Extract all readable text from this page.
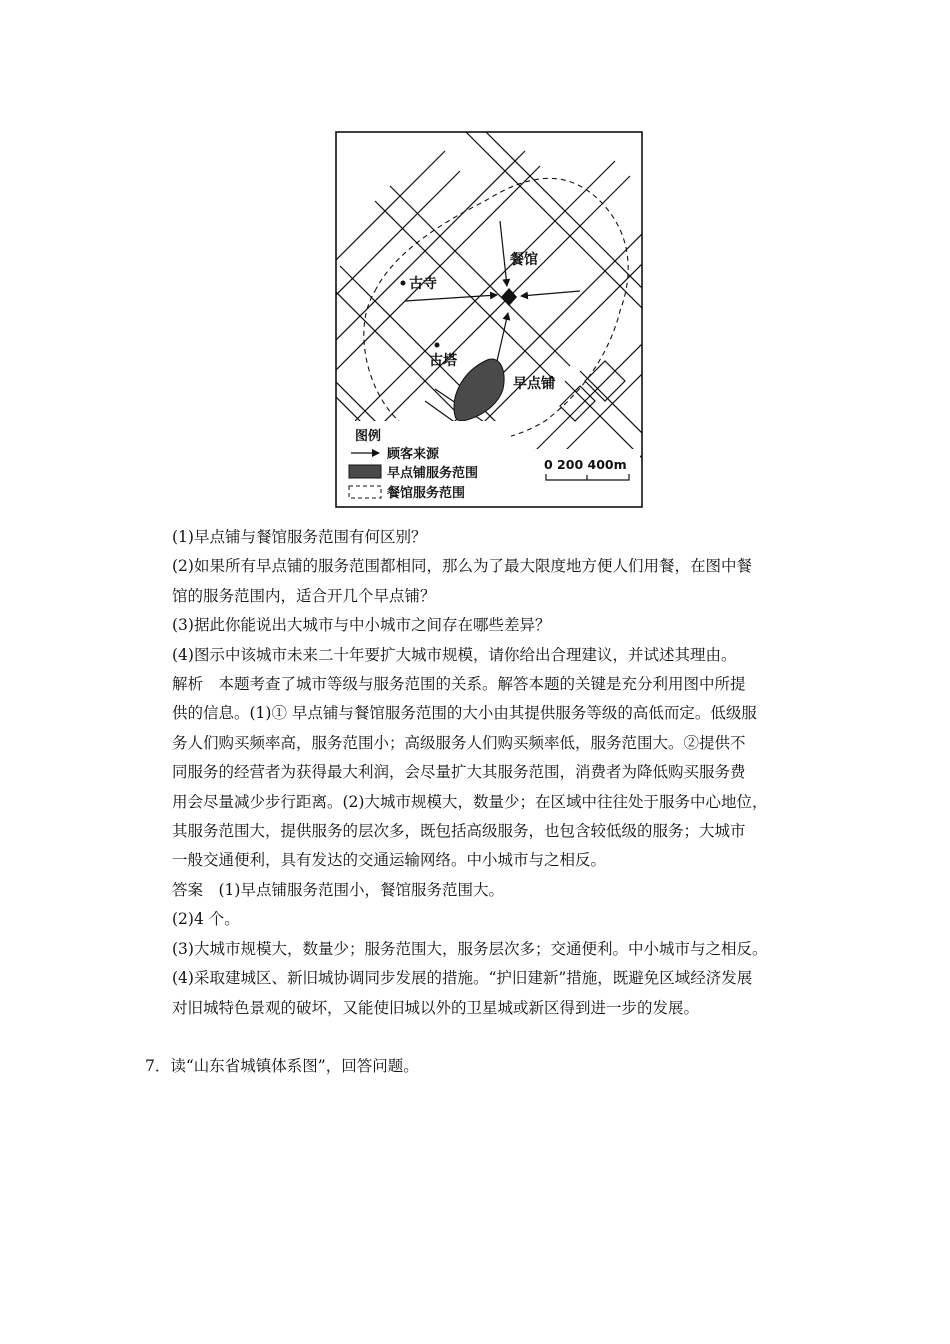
餐馆
古寺
古塔
早点铺
图例
顾客来源
早点铺服务范围
餐馆服务范围
0 200 400m

(1)早点铺与餐馆服务范围有何区别？

(2)如果所有早点铺的服务范围都相同，那么为了最大限度地方便人们用餐，在图中餐

馆的服务范围内，适合开几个早点铺？

(3)据此你能说出大城市与中小城市之间存在哪些差异？

(4)图示中该城市未来二十年要扩大城市规模，请你给出合理建议，并试述其理由。

解析　本题考查了城市等级与服务范围的关系。解答本题的关键是充分利用图中所提

供的信息。(1)① 早点铺与餐馆服务范围的大小由其提供服务等级的高低而定。低级服

务人们购买频率高，服务范围小；高级服务人们购买频率低，服务范围大。②提供不

同服务的经营者为获得最大利润，会尽量扩大其服务范围，消费者为降低购买服务费

用会尽量减少步行距离。(2)大城市规模大，数量少；在区域中往往处于服务中心地位，

其服务范围大，提供服务的层次多，既包括高级服务，也包含较低级的服务；大城市

一般交通便利，具有发达的交通运输网络。中小城市与之相反。

答案　(1)早点铺服务范围小，餐馆服务范围大。

(2)4 个。

(3)大城市规模大，数量少；服务范围大，服务层次多；交通便利。中小城市与之相反。

(4)采取建城区、新旧城协调同步发展的措施。“护旧建新”措施，既避免区域经济发展

对旧城特色景观的破坏，又能使旧城以外的卫星城或新区得到进一步的发展。

7．读“山东省城镇体系图”，回答问题。
